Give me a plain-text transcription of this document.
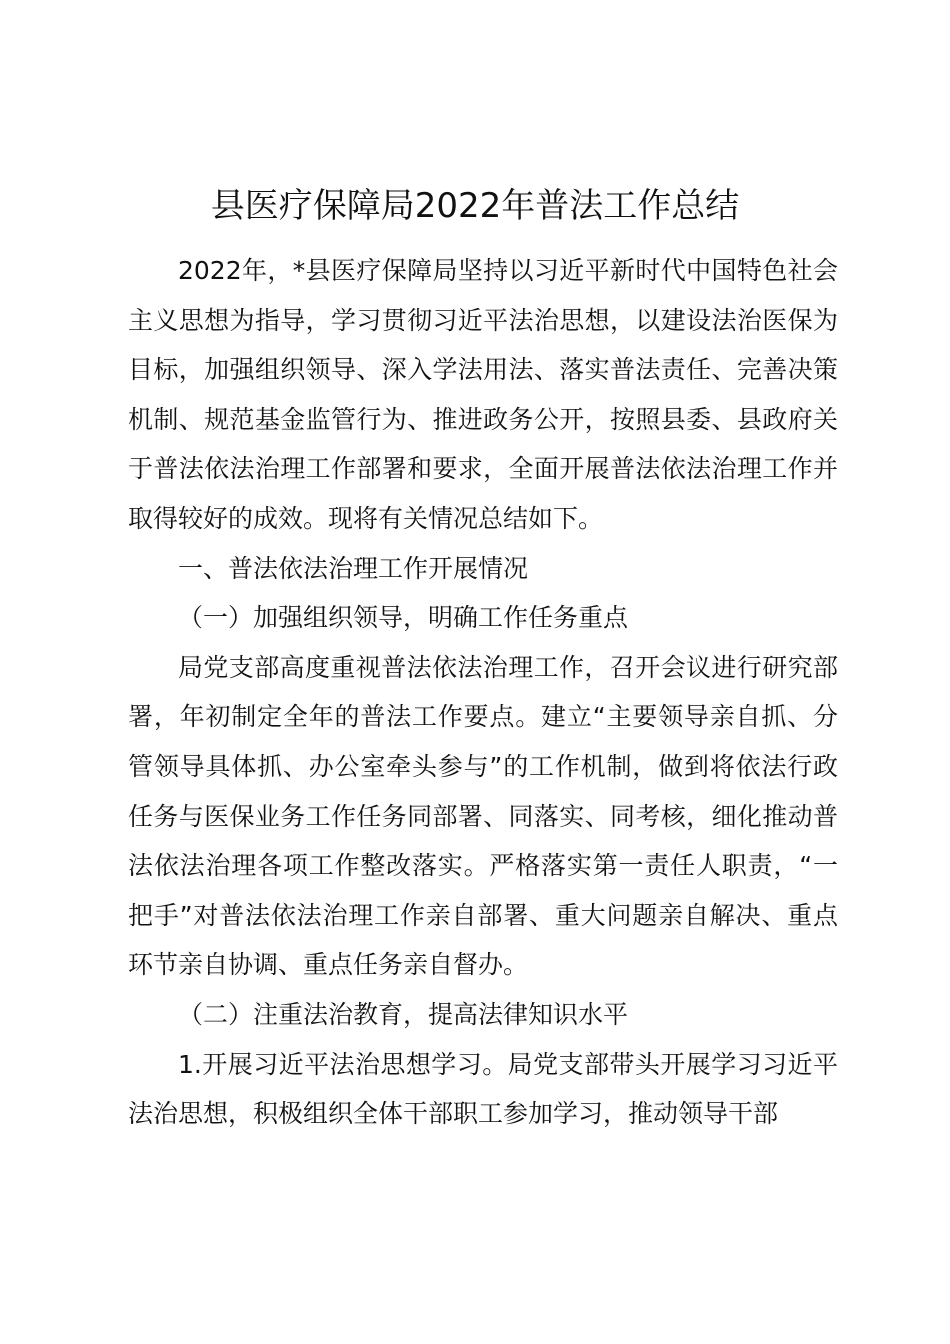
县医疗保障局2022年普法工作总结

2022年，*县医疗保障局坚持以习近平新时代中国特色社会主义思想为指导，学习贯彻习近平法治思想，以建设法治医保为目标，加强组织领导、深入学法用法、落实普法责任、完善决策机制、规范基金监管行为、推进政务公开，按照县委、县政府关于普法依法治理工作部署和要求，全面开展普法依法治理工作并取得较好的成效。现将有关情况总结如下。

一、普法依法治理工作开展情况

（一）加强组织领导，明确工作任务重点

局党支部高度重视普法依法治理工作，召开会议进行研究部署，年初制定全年的普法工作要点。建立“主要领导亲自抓、分管领导具体抓、办公室牵头参与”的工作机制，做到将依法行政任务与医保业务工作任务同部署、同落实、同考核，细化推动普法依法治理各项工作整改落实。严格落实第一责任人职责，“一把手”对普法依法治理工作亲自部署、重大问题亲自解决、重点环节亲自协调、重点任务亲自督办。

（二）注重法治教育，提高法律知识水平

1.开展习近平法治思想学习。局党支部带头开展学习习近平法治思想，积极组织全体干部职工参加学习，推动领导干部
